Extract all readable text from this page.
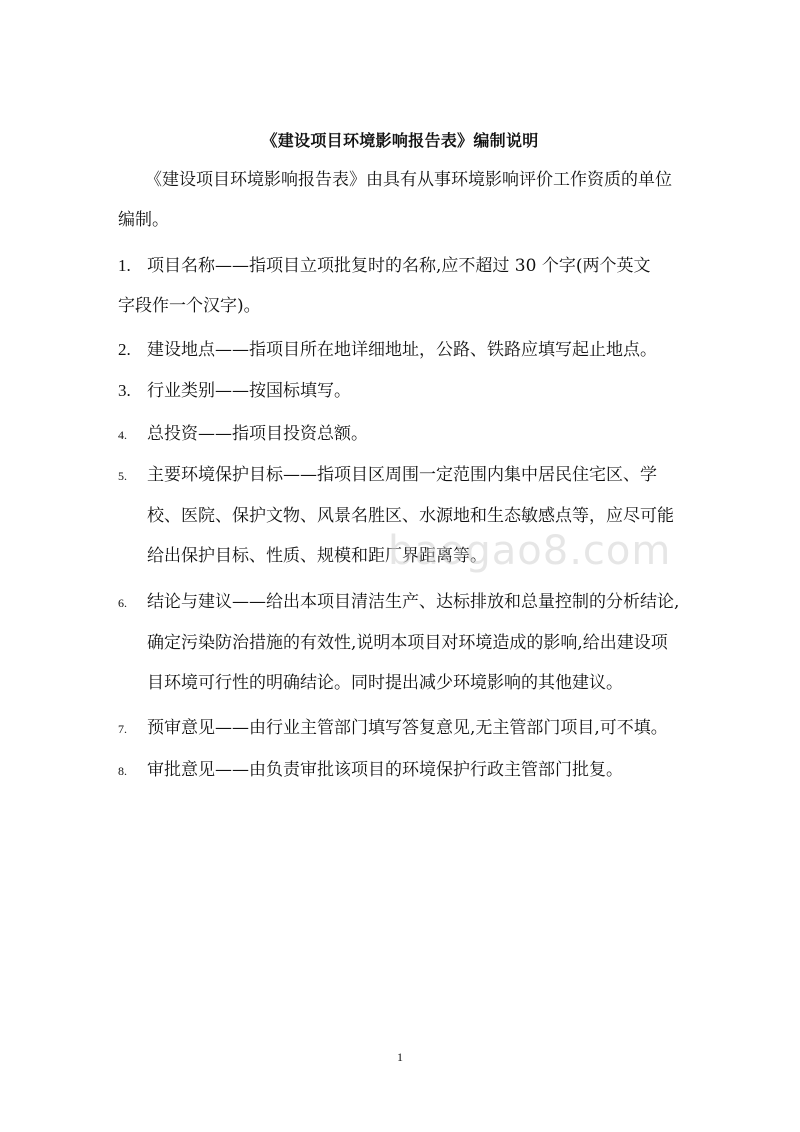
《建设项目环境影响报告表》编制说明
《建设项目环境影响报告表》由具有从事环境影响评价工作资质的单位
编制。
1. 项目名称——指项目立项批复时的名称,应不超过 30 个字(两个英文
字段作一个汉字)。
2. 建设地点——指项目所在地详细地址，公路、铁路应填写起止地点。
3. 行业类别——按国标填写。
4. 总投资——指项目投资总额。
5. 主要环境保护目标——指项目区周围一定范围内集中居民住宅区、学
校、医院、保护文物、风景名胜区、水源地和生态敏感点等，应尽可能
给出保护目标、性质、规模和距厂界距离等。
6. 结论与建议——给出本项目清洁生产、达标排放和总量控制的分析结论,
确定污染防治措施的有效性,说明本项目对环境造成的影响,给出建设项
目环境可行性的明确结论。同时提出减少环境影响的其他建议。
7. 预审意见——由行业主管部门填写答复意见,无主管部门项目,可不填。
8. 审批意见——由负责审批该项目的环境保护行政主管部门批复。
baogao8.com
1
